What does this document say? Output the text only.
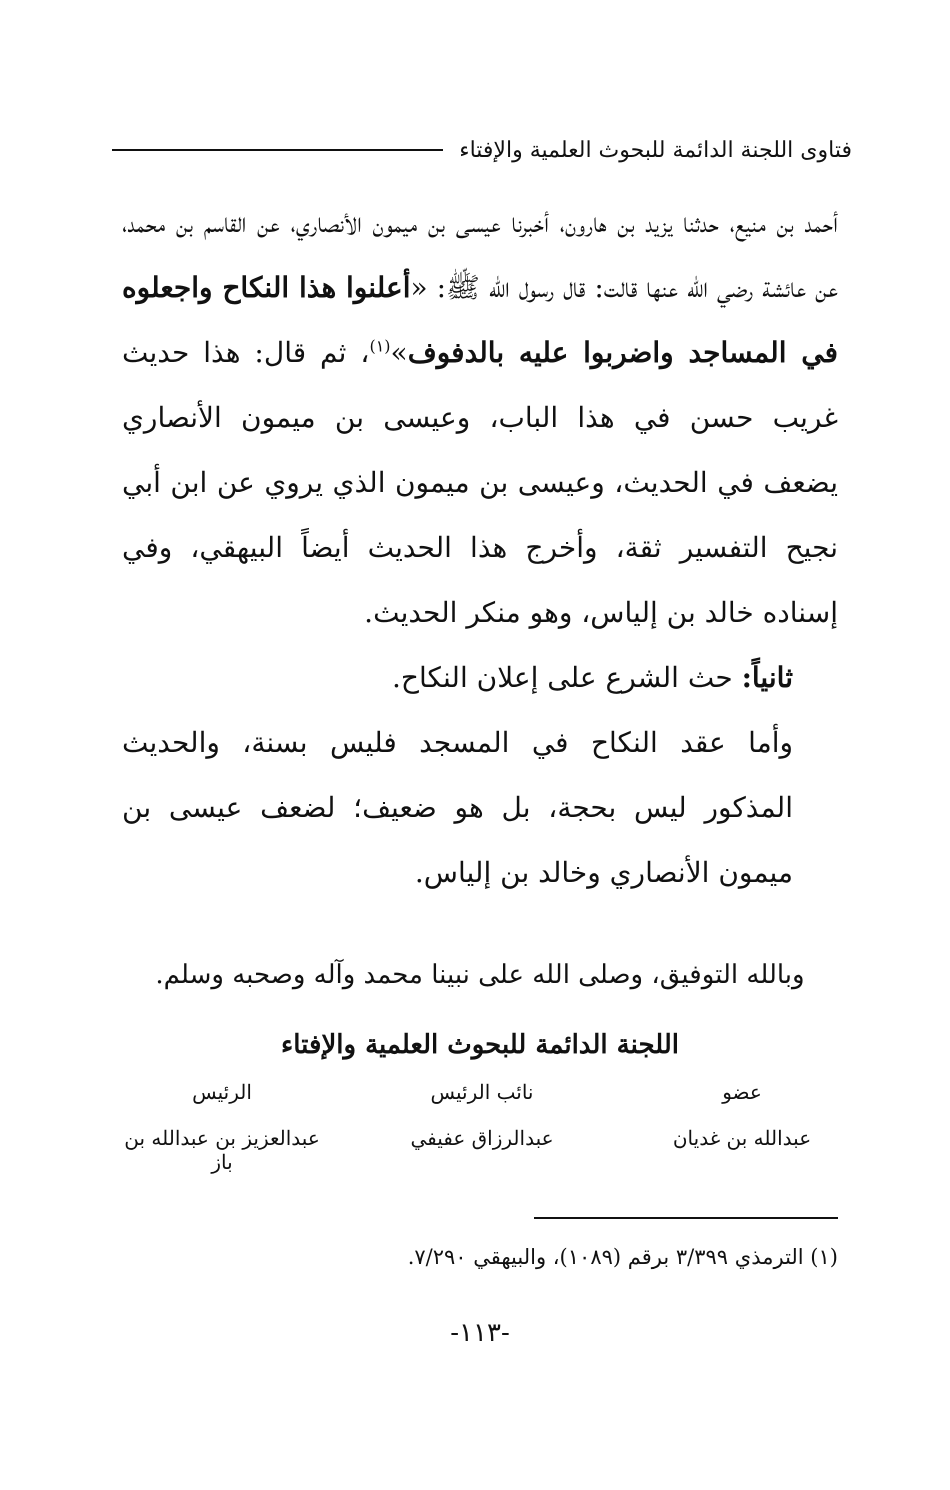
فتاوى اللجنة الدائمة للبحوث العلمية والإفتاء

أحمد بن منيع، حدثنا يزيد بن هارون، أخبرنا عيسى بن ميمون الأنصاري، عن القاسم بن محمد، عن عائشة رضي الله عنها قالت: قال رسول الله ﷺ: «أعلنوا هذا النكاح واجعلوه في المساجد واضربوا عليه بالدفوف»$^{(١)}$، ثم قال: هذا حديث غريب حسن في هذا الباب، وعيسى بن ميمون الأنصاري يضعف في الحديث، وعيسى بن ميمون الذي يروي عن ابن أبي نجيح التفسير ثقة، وأخرج هذا الحديث أيضاً البيهقي، وفي إسناده خالد بن إلياس، وهو منكر الحديث.

ثانياً: حث الشرع على إعلان النكاح.

وأما عقد النكاح في المسجد فليس بسنة، والحديث المذكور ليس بحجة، بل هو ضعيف؛ لضعف عيسى بن ميمون الأنصاري وخالد بن إلياس.

وبالله التوفيق، وصلى الله على نبينا محمد وآله وصحبه وسلم.
اللجنة الدائمة للبحوث العلمية والإفتاء
عضو
عبدالله بن غديان
نائب الرئيس
عبدالرزاق عفيفي
الرئيس
عبدالعزيز بن عبدالله بن باز
(١) الترمذي ٣/٣٩٩ برقم (١٠٨٩)، والبيهقي ٧/٢٩٠.
-١١٣-
